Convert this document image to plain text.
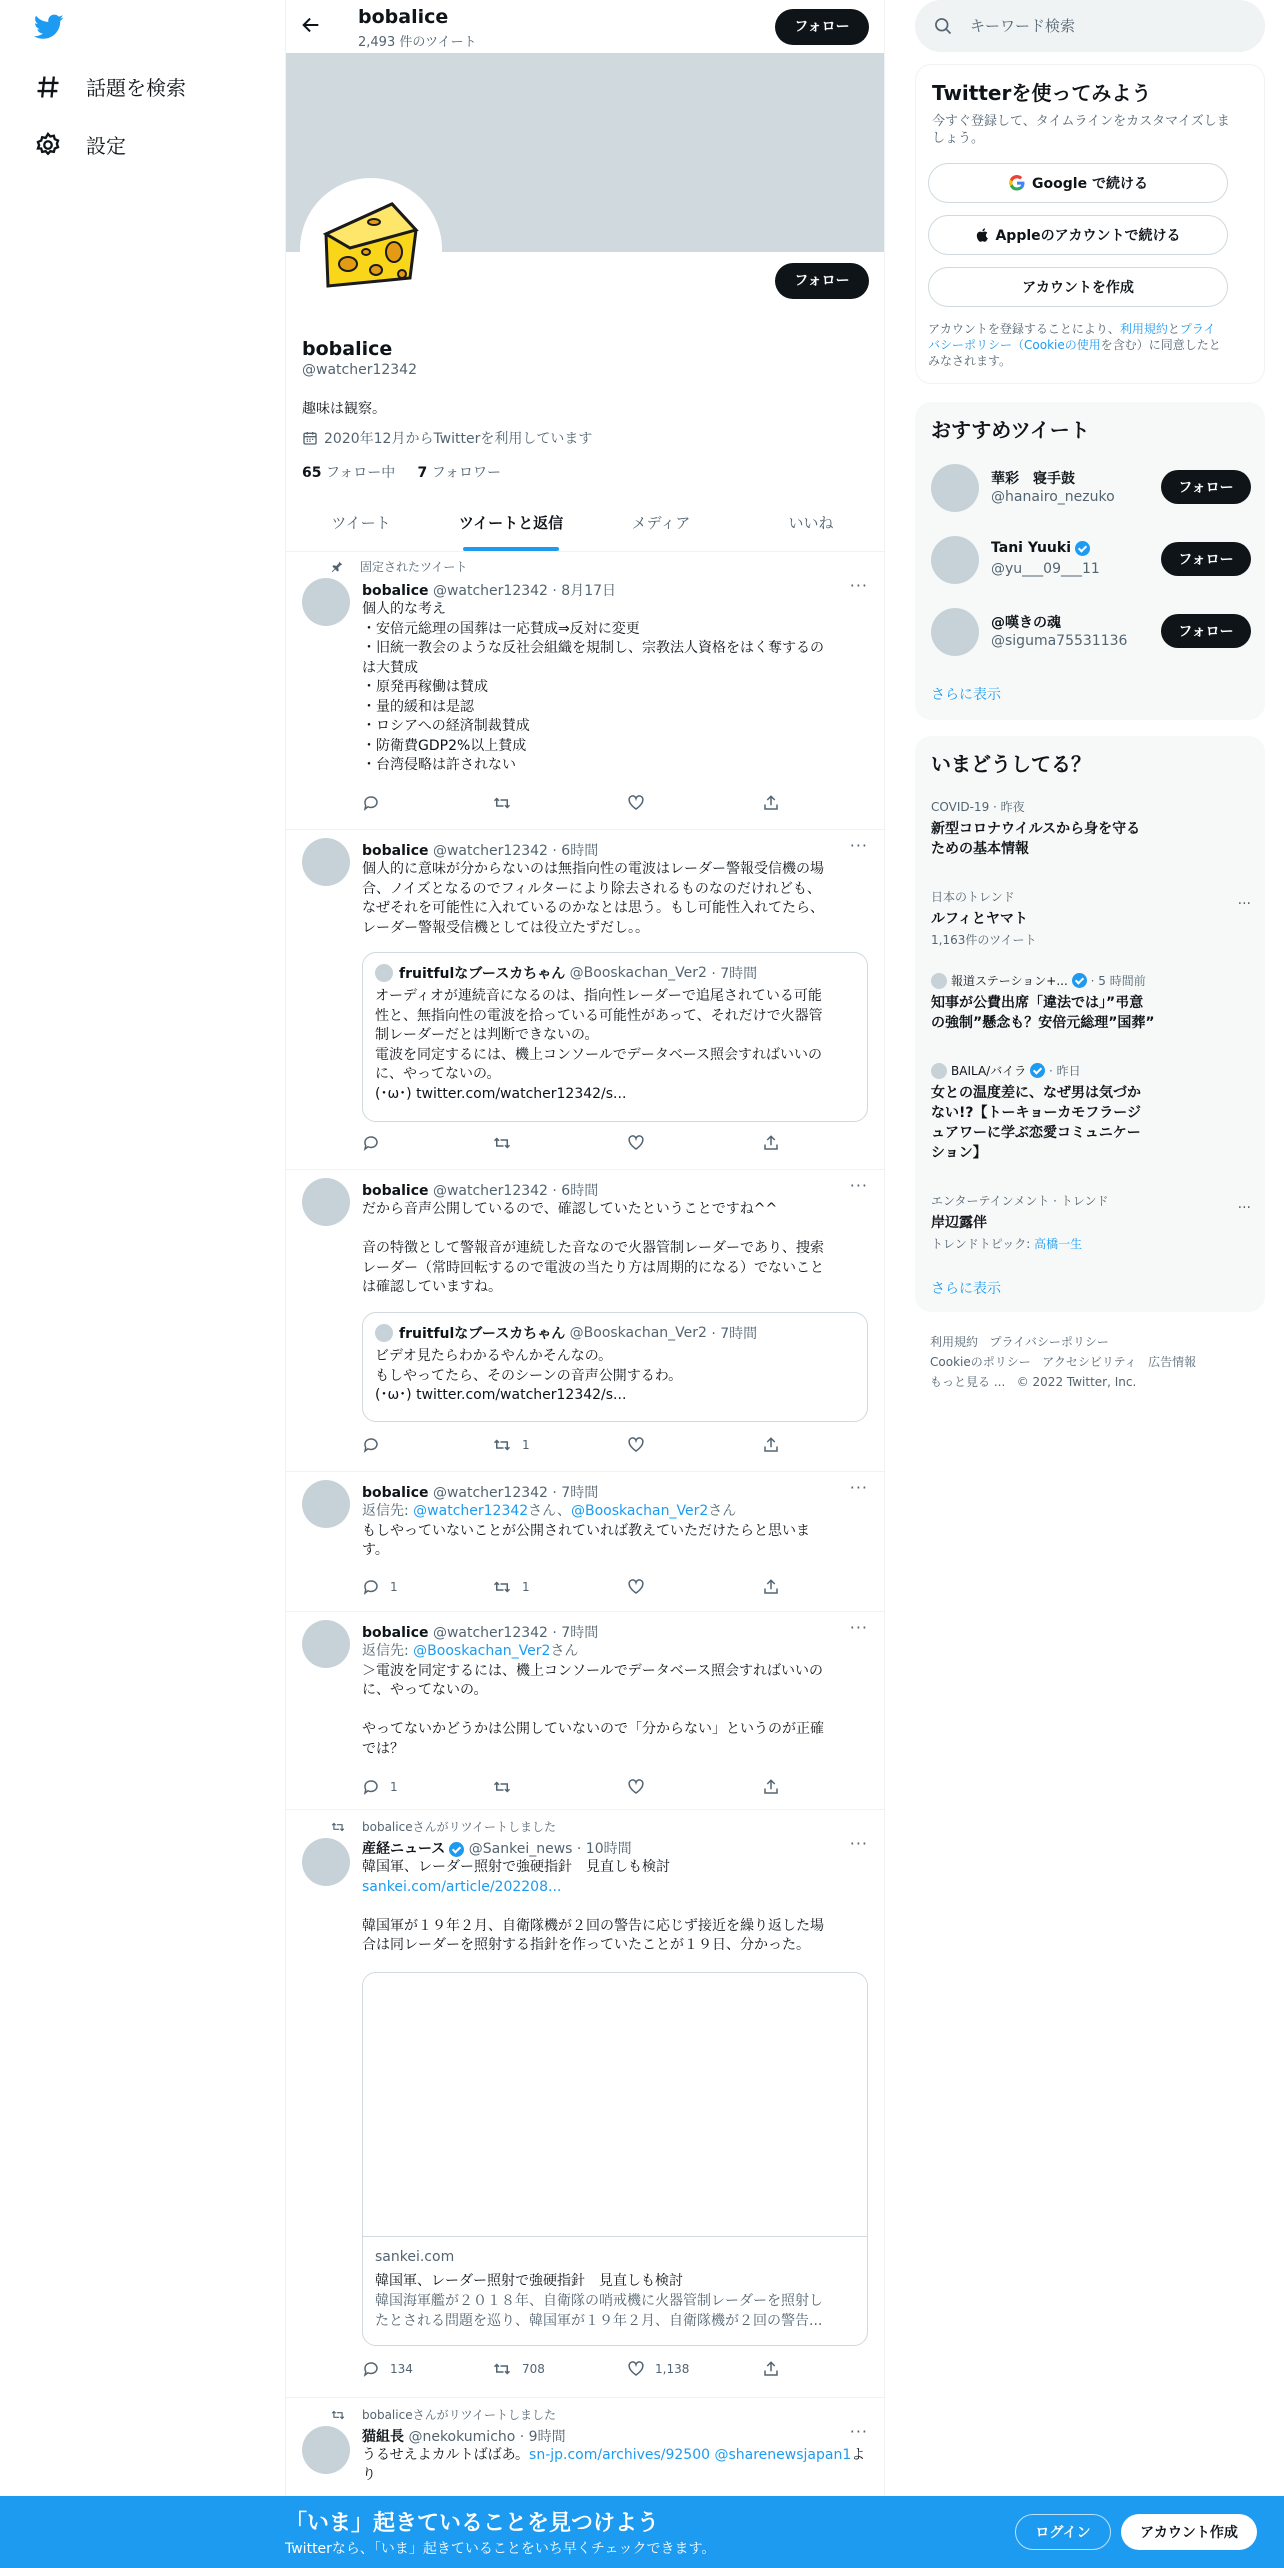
話題を検索
設定
bobalice
2,493 件のツイート
フォロー
フォロー
bobalice
@watcher12342
趣味は観察。
2020年12月からTwitterを利用しています
65 フォロー中 7 フォロワー
ツイート	ツイートと返信	メディア	いいね
固定されたツイート
bobalice @watcher12342 · 8月17日	···
個人的な考え
・安倍元総理の国葬は一応賛成⇒反対に変更
・旧統一教会のような反社会組織を規制し、宗教法人資格をはく奪するの
は大賛成
・原発再稼働は賛成
・量的緩和は是認
・ロシアへの経済制裁賛成
・防衛費GDP2%以上賛成
・台湾侵略は許されない
bobalice @watcher12342 · 6時間	···
個人的に意味が分からないのは無指向性の電波はレーダー警報受信機の場
合、ノイズとなるのでフィルターにより除去されるものなのだけれども、
なぜそれを可能性に入れているのかなとは思う。もし可能性入れてたら、
レーダー警報受信機としては役立たずだし。。
fruitfulなブースカちゃん
@Booskachan_Ver2
· 7時間
オーディオが連続音になるのは、指向性レーダーで追尾されている可能
性と、無指向性の電波を拾っている可能性があって、それだけで火器管
制レーダーだとは判断できないの。
電波を同定するには、機上コンソールでデータベース照会すればいいの
に、やってないの。
(･ω･) twitter.com/watcher12342/s...
bobalice @watcher12342 · 6時間	···
だから音声公開しているので、確認していたということですね^^
音の特徴として警報音が連続した音なので火器管制レーダーであり、捜索
レーダー（常時回転するので電波の当たり方は周期的になる）でないこと
は確認していますね。
fruitfulなブースカちゃん
@Booskachan_Ver2
· 7時間
ビデオ見たらわかるやんかそんなの。
もしやってたら、そのシーンの音声公開するわ。
(･ω･) twitter.com/watcher12342/s...
1
bobalice @watcher12342 · 7時間	···
返信先: @watcher12342さん、@Booskachan_Ver2さん
もしやっていないことが公開されていれば教えていただけたらと思いま
す。
1	1
bobalice @watcher12342 · 7時間	···
返信先: @Booskachan_Ver2さん
＞電波を同定するには、機上コンソールでデータベース照会すればいいの
に、やってないの。
やってないかどうかは公開していないので「分からない」というのが正確
では？
1
bobaliceさんがリツイートしました
産経ニュース @Sankei_news · 10時間	···
韓国軍、レーダー照射で強硬指針　見直しも検討
sankei.com/article/202208...
韓国軍が１９年２月、自衛隊機が２回の警告に応じず接近を繰り返した場
合は同レーダーを照射する指針を作っていたことが１９日、分かった。
sankei.com
韓国軍、レーダー照射で強硬指針　見直しも検討
韓国海軍艦が２０１８年、自衛隊の哨戒機に火器管制レーダーを照射し
たとされる問題を巡り、韓国軍が１９年２月、自衛隊機が２回の警告...
134	708	1,138
bobaliceさんがリツイートしました
猫組長 @nekokumicho · 9時間	···
うるせえよカルトばばあ。sn-jp.com/archives/92500 @sharenewsjapan1よ
り
キーワード検索
Twitterを使ってみよう
今すぐ登録して、タイムラインをカスタマイズしま
しょう。
Google で続ける
Appleのアカウントで続ける
アカウントを作成
アカウントを登録することにより、利用規約とプライ
バシーポリシー（Cookieの使用を含む）に同意したと
みなされます。
おすすめツイート
華彩　寝手鼓
@hanairo_nezuko
フォロー
Tani Yuuki
@yu___09___11
フォロー
@嘆きの魂
@siguma75531136
フォロー
さらに表示
いまどうしてる？
COVID-19 · 昨夜
新型コロナウイルスから身を守る
ための基本情報
日本のトレンド
ルフィとヤマト
1,163件のツイート
···
報道ステーション+...
· 5 時間前
知事が公費出席「違法では」”弔意
の強制”懸念も？安倍元総理”国葬”
BAILA/バイラ
· 昨日
女との温度差に、なぜ男は気づか
ない!?【トーキョーカモフラージ
ュアワーに学ぶ恋愛コミュニケー
ション】
エンターテインメント · トレンド
岸辺露伴
トレンドトピック: 高橋一生
···
さらに表示
利用規約 プライバシーポリシー
Cookieのポリシー アクセシビリティ 広告情報
もっと見る ... © 2022 Twitter, Inc.
「いま」起きていることを見つけよう
Twitterなら、「いま」起きていることをいち早くチェックできます。
ログイン	アカウント作成
